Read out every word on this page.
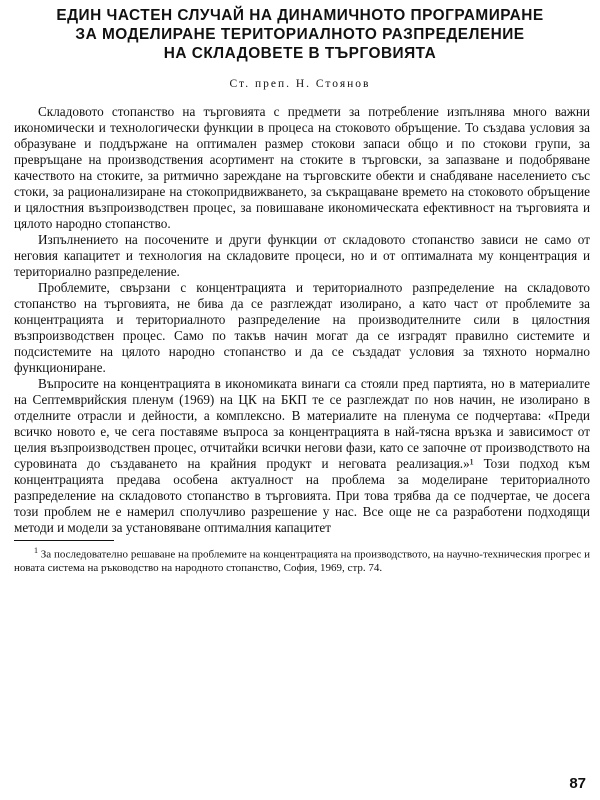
ЕДИН ЧАСТЕН СЛУЧАЙ НА ДИНАМИЧНОТО ПРОГРАМИРАНЕ
ЗА МОДЕЛИРАНЕ ТЕРИТОРИАЛНОТО РАЗПРЕДЕЛЕНИЕ
НА СКЛАДОВЕТЕ В ТЪРГОВИЯТА
Ст. преп. Н. Стоянов

Складовото стопанство на търговията с предмети за потребление изпълнява много важни икономически и технологически функции в процеса на стоковото обръщение. То създава условия за образуване и поддържане на оптимален размер стокови запаси общо и по стокови групи, за превръщане на производствения асортимент на стоките в търговски, за запазване и подобряване качеството на стоките, за ритмично зареждане на търговските обекти и снабдяване населението със стоки, за рационализиране на стокопридвижването, за съкращаване времето на стоковото обръщение и цялостния възпроизводствен процес, за повишаване икономическата ефективност на търговията и цялото народно стопанство.

Изпълнението на посочените и други функции от складовото стопанство зависи не само от неговия капацитет и технология на складовите процеси, но и от оптималната му концентрация и териториално разпределение.

Проблемите, свързани с концентрацията и териториалното разпределение на складовото стопанство на търговията, не бива да се разглеждат изолирано, а като част от проблемите за концентрацията и териториалното разпределение на производителните сили в цялостния възпроизводствен процес. Само по такъв начин могат да се изградят правилно системите и подсистемите на цялото народно стопанство и да се създадат условия за тяхното нормално функциониране.

Въпросите на концентрацията в икономиката винаги са стояли пред партията, но в материалите на Септемврийския пленум (1969) на ЦК на БКП те се разглеждат по нов начин, не изолирано в отделните отрасли и дейности, а комплексно. В материалите на пленума се подчертава: «Преди всичко новото е, че сега поставяме въпроса за концентрацията в най-тясна връзка и зависимост от целия възпроизводствен процес, отчитайки всички негови фази, като се започне от производството на суровината до създаването на крайния продукт и неговата реализация.»¹ Този подход към концентрацията предава особена актуалност на проблема за моделиране териториалното разпределение на складовото стопанство в търговията. При това трябва да се подчертае, че досега този проблем не е намерил сполучливо разрешение у нас. Все още не са разработени подходящи методи и модели за установяване оптималния капацитет

$^1$ За последователно решаване на проблемите на концентрацията на производството, на научно-техническия прогрес и новата система на ръководство на народното стопанство, София, 1969, стр. 74.
87
